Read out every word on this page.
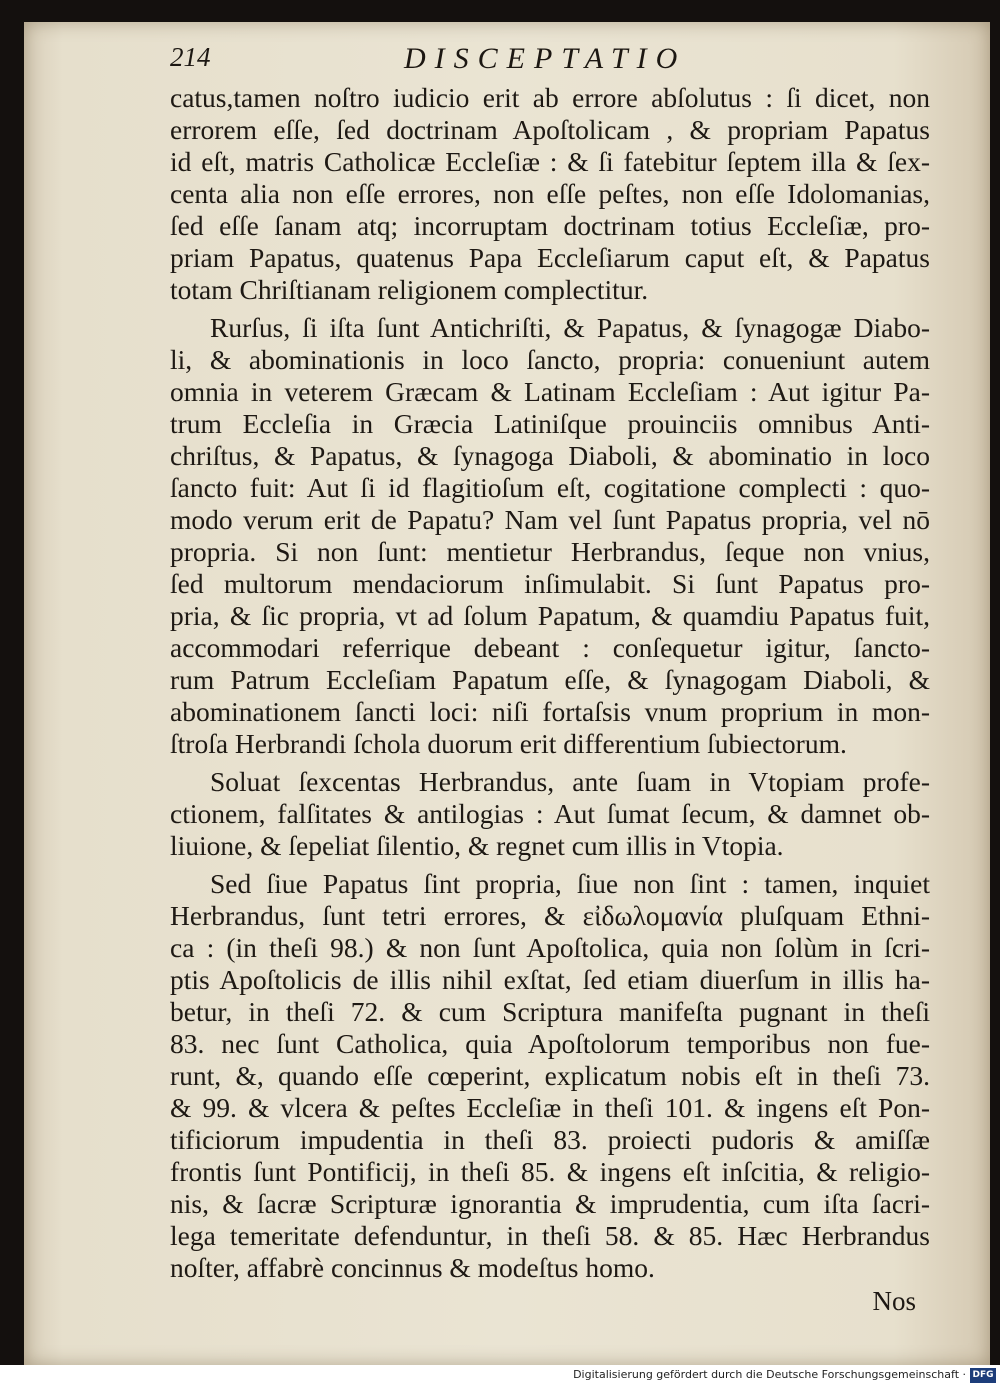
214	DISCEPTATIO
catus,tamen noſtro iudicio erit ab errore abſolutus : ſi dicet, non
errorem eſſe, ſed doctrinam Apoſtolicam , & propriam Papatus
id eſt, matris Catholicæ Eccleſiæ : & ſi fatebitur ſeptem illa & ſex-
centa alia non eſſe errores, non eſſe peſtes, non eſſe Idolomanias,
ſed eſſe ſanam atq; incorruptam doctrinam totius Eccleſiæ, pro-
priam Papatus, quatenus Papa Eccleſiarum caput eſt, & Papatus
totam Chriſtianam religionem complectitur.
Rurſus, ſi iſta ſunt Antichriſti, & Papatus, & ſynagogæ Diabo-
li, & abominationis in loco ſancto, propria: conueniunt autem
omnia in veterem Græcam & Latinam Eccleſiam : Aut igitur Pa-
trum Eccleſia in Græcia Latiniſque prouinciis omnibus Anti-
chriſtus, & Papatus, & ſynagoga Diaboli, & abominatio in loco
ſancto fuit: Aut ſi id flagitioſum eſt, cogitatione complecti : quo-
modo verum erit de Papatu? Nam vel ſunt Papatus propria, vel nō
propria. Si non ſunt: mentietur Herbrandus, ſeque non vnius,
ſed multorum mendaciorum inſimulabit. Si ſunt Papatus pro-
pria, & ſic propria, vt ad ſolum Papatum, & quamdiu Papatus fuit,
accommodari referrique debeant : conſequetur igitur, ſancto-
rum Patrum Eccleſiam Papatum eſſe, & ſynagogam Diaboli, &
abominationem ſancti loci: niſi fortaſsis vnum proprium in mon-
ſtroſa Herbrandi ſchola duorum erit differentium ſubiectorum.
Soluat ſexcentas Herbrandus, ante ſuam in Vtopiam profe-
ctionem, falſitates & antilogias : Aut ſumat ſecum, & damnet ob-
liuione, & ſepeliat ſilentio, & regnet cum illis in Vtopia.
Sed ſiue Papatus ſint propria, ſiue non ſint : tamen, inquiet
Herbrandus, ſunt tetri errores, & εἰδωλομανία pluſquam Ethni-
ca : (in theſi 98.) & non ſunt Apoſtolica, quia non ſolùm in ſcri-
ptis Apoſtolicis de illis nihil exſtat, ſed etiam diuerſum in illis ha-
betur, in theſi 72. & cum Scriptura manifeſta pugnant in theſi
83. nec ſunt Catholica, quia Apoſtolorum temporibus non fue-
runt, &, quando eſſe cœperint, explicatum nobis eſt in theſi 73.
& 99. & vlcera & peſtes Eccleſiæ in theſi 101. & ingens eſt Pon-
tificiorum impudentia in theſi 83. proiecti pudoris & amiſſæ
frontis ſunt Pontificij, in theſi 85. & ingens eſt inſcitia, & religio-
nis, & ſacræ Scripturæ ignorantia & imprudentia, cum iſta ſacri-
lega temeritate defenduntur, in theſi 58. & 85. Hæc Herbrandus
noſter, affabrè concinnus & modeſtus homo.
Nos
Digitalisierung gefördert durch die Deutsche Forschungsgemeinschaft · DFG
